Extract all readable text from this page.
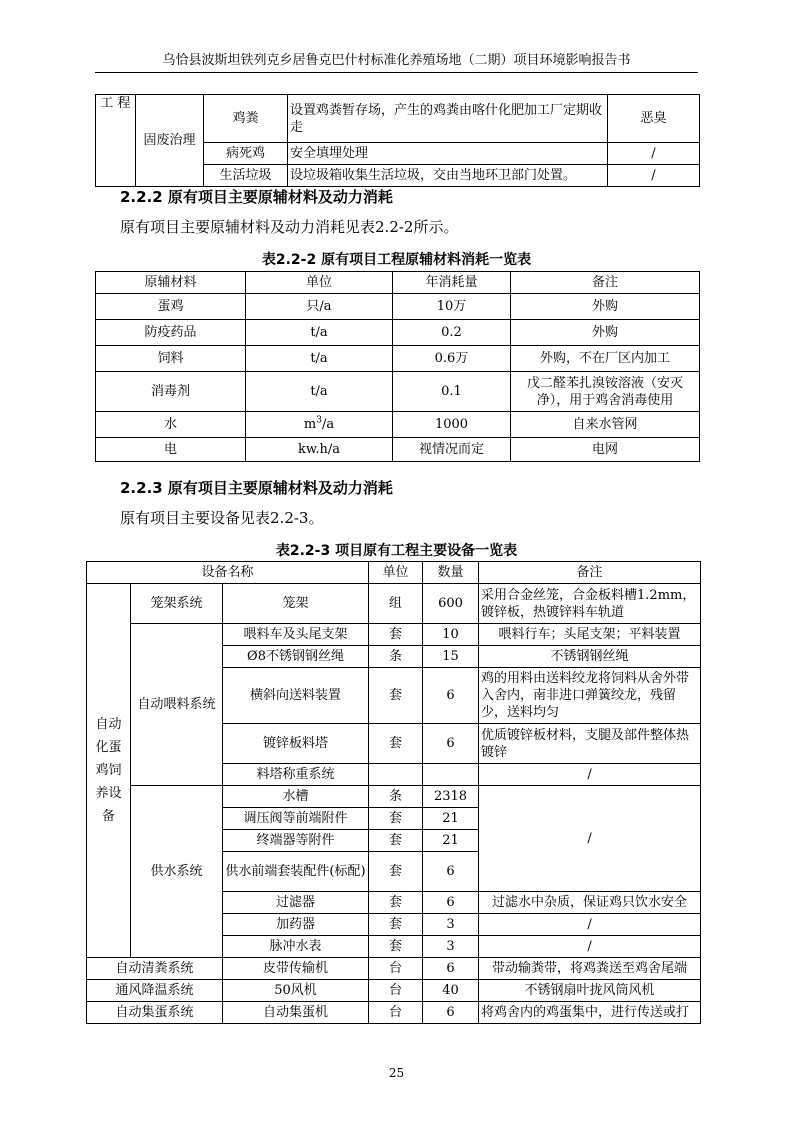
乌恰县波斯坦铁列克乡居鲁克巴什村标准化养殖场地（二期）项目环境影响报告书
工 程	固废治理	鸡粪	设置鸡粪暂存场，产生的鸡粪由喀什化肥加工厂定期收走	恶臭
		病死鸡	安全填埋处理	/
		生活垃圾	设垃圾箱收集生活垃圾，交由当地环卫部门处置。	/
2.2.2 原有项目主要原辅材料及动力消耗
原有项目主要原辅材料及动力消耗见表2.2-2所示。
表2.2-2 原有项目工程原辅材料消耗一览表
原辅材料	单位	年消耗量	备注
蛋鸡	只/a	10万	外购
防疫药品	t/a	0.2	外购
饲料	t/a	0.6万	外购，不在厂区内加工
消毒剂	t/a	0.1	戊二醛苯扎溴铵溶液（安灭净），用于鸡舍消毒使用
水	$m^3/a$	1000	自来水管网
电	kw.h/a	视情况而定	电网
2.2.3 原有项目主要原辅材料及动力消耗
原有项目主要设备见表2.2-3。
表2.2-3 项目原有工程主要设备一览表
设备名称			单位	数量	备注

自动
化蛋
鸡饲
养设
备	笼架系统	笼架	组	600	采用合金丝笼，合金板料槽1.2mm，镀锌板，热镀锌料车轨道
	自动喂料系统	喂料车及头尾支架	套	10	喂料行车；头尾支架；平料装置
		Ø8不锈钢钢丝绳	条	15	不锈钢钢丝绳
		横斜向送料装置	套	6	鸡的用料由送料绞龙将饲料从舍外带入舍内，南非进口弹簧绞龙，残留少，送料均匀
		镀锌板料塔	套	6	优质镀锌板材料，支腿及部件整体热镀锌
		料塔称重系统			/
	供水系统	水槽	条	2318	/
		调压阀等前端附件	套	21	
		终端器等附件	套	21	
		供水前端套装配件(标配)	套	6	
		过滤器	套	6	过滤水中杂质，保证鸡只饮水安全
		加药器	套	3	/
		脉冲水表	套	3	/
自动清粪系统		皮带传输机	台	6	带动输粪带，将鸡粪送至鸡舍尾端
通风降温系统		50风机	台	40	不锈钢扇叶拢风筒风机
自动集蛋系统		自动集蛋机	台	6	将鸡舍内的鸡蛋集中，进行传送或打
25
